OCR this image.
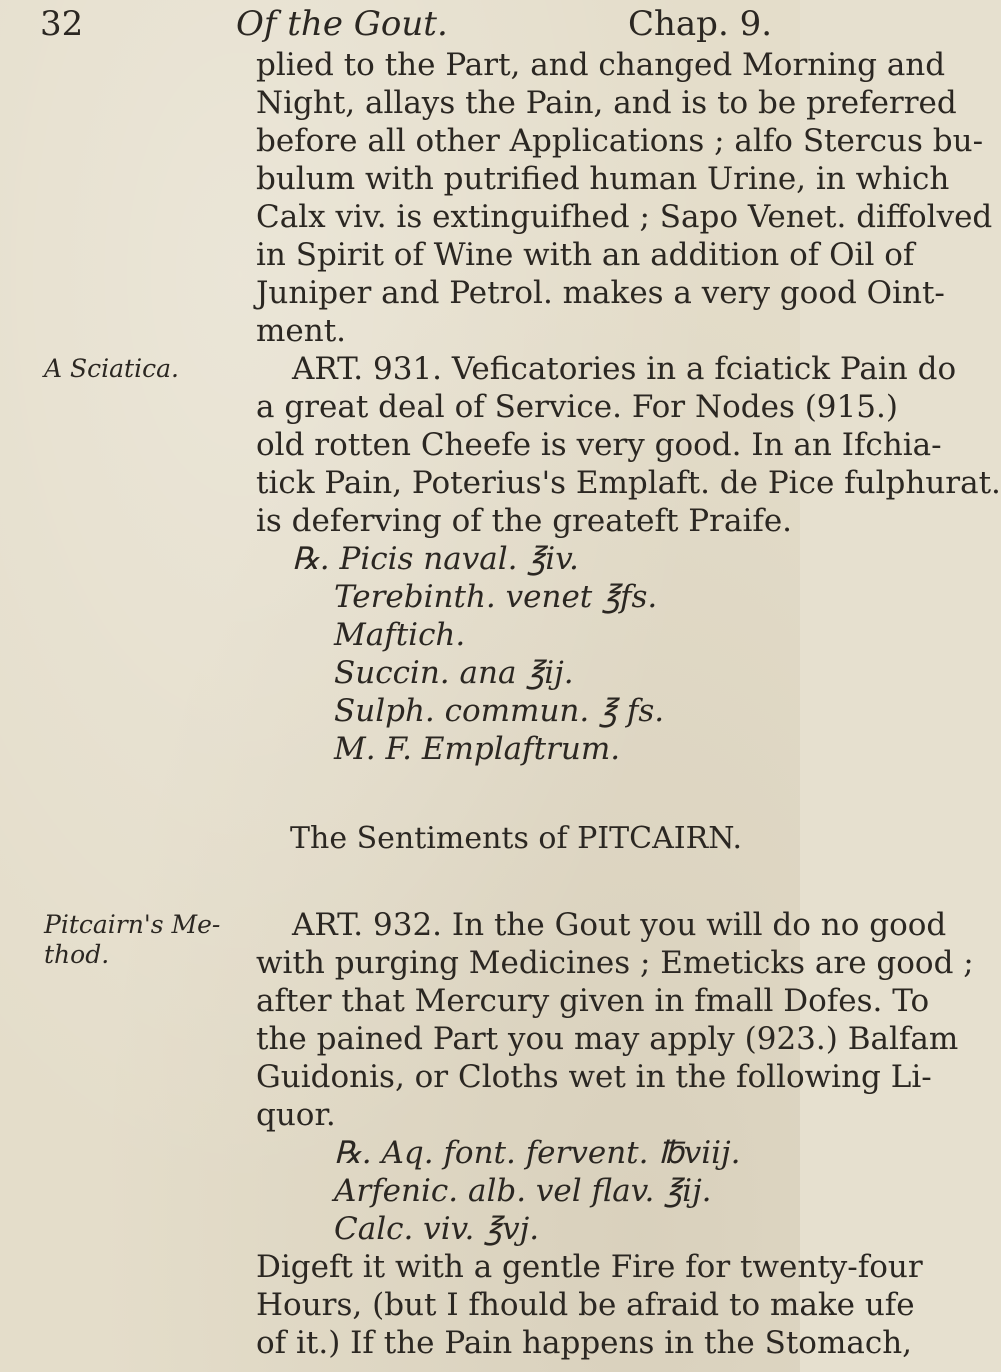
32	Of the Gout.	Chap. 9.
plied to the Part, and changed Morning and
Night, allays the Pain, and is to be preferred
before all other Applications ; alfo Stercus bu-
bulum with putrified human Urine, in which
Calx viv. is extinguifhed ; Sapo Venet. diffolved
in Spirit of Wine with an addition of Oil of
Juniper and Petrol. makes a very good Oint-
ment.
A Sciatica.	ART. 931. Veficatories in a fciatick Pain do
a great deal of Service. For Nodes (915.)
old rotten Cheefe is very good. In an Ifchia-
tick Pain, Poterius's Emplaft. de Pice fulphurat.
is deferving of the greateft Praife.
℞. Picis naval. ℥iv.
Terebinth. venet ℥fs.
Maftich.
Succin. ana ℥ij.
Sulph. commun. ℥ fs.
M. F. Emplaftrum.
The Sentiments of PITCAIRN.
Pitcairn's Me-
thod.
ART. 932. In the Gout you will do no good
with purging Medicines ; Emeticks are good ;
after that Mercury given in fmall Dofes. To
the pained Part you may apply (923.) Balfam
Guidonis, or Cloths wet in the following Li-
quor.
℞. Aq. font. fervent. ℔viij.
Arfenic. alb. vel flav. ℥ij.
Calc. viv. ℥vj.
Digeft it with a gentle Fire for twenty-four
Hours, (but I fhould be afraid to make ufe
of it.) If the Pain happens in the Stomach,
